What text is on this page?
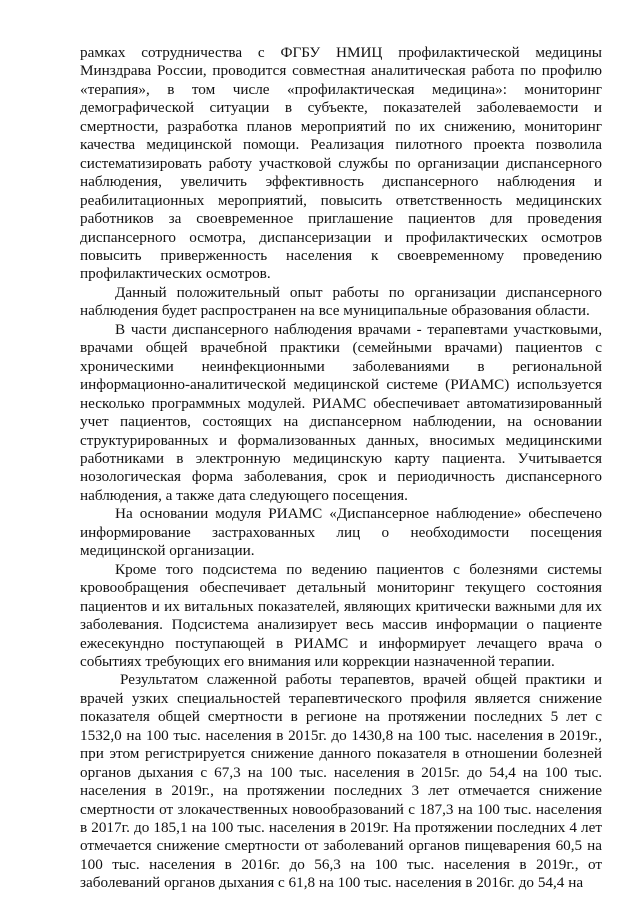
рамках сотрудничества с ФГБУ НМИЦ профилактической медицины Минздрава России, проводится совместная аналитическая работа по профилю «терапия», в том числе «профилактическая медицина»: мониторинг демографической ситуации в субъекте, показателей заболеваемости и смертности, разработка планов мероприятий по их снижению, мониторинг качества медицинской помощи. Реализация пилотного проекта позволила систематизировать работу участковой службы по организации диспансерного наблюдения, увеличить эффективность диспансерного наблюдения и реабилитационных мероприятий, повысить ответственность медицинских работников за своевременное приглашение пациентов для проведения диспансерного осмотра, диспансеризации и профилактических осмотров повысить приверженность населения к своевременному проведению профилактических осмотров.

Данный положительный опыт работы по организации диспансерного наблюдения будет распространен на все муниципальные образования области.

В части диспансерного наблюдения врачами - терапевтами участковыми, врачами общей врачебной практики (семейными врачами) пациентов с хроническими неинфекционными заболеваниями в региональной информационно-аналитической медицинской системе (РИАМС) используется несколько программных модулей. РИАМС обеспечивает автоматизированный учет пациентов, состоящих на диспансерном наблюдении, на основании структурированных и формализованных данных, вносимых медицинскими работниками в электронную медицинскую карту пациента. Учитывается нозологическая форма заболевания, срок и периодичность диспансерного наблюдения, а также дата следующего посещения.

На основании модуля РИАМС «Диспансерное наблюдение» обеспечено информирование застрахованных лиц о необходимости посещения медицинской организации.

Кроме того подсистема по ведению пациентов с болезнями системы кровообращения обеспечивает детальный мониторинг текущего состояния пациентов и их витальных показателей, являющих критически важными для их заболевания. Подсистема анализирует весь массив информации о пациенте ежесекундно поступающей в РИАМС и информирует лечащего врача о событиях требующих его внимания или коррекции назначенной терапии.

Результатом слаженной работы терапевтов, врачей общей практики и врачей узких специальностей терапевтического профиля является снижение показателя общей смертности в регионе на протяжении последних 5 лет с 1532,0 на 100 тыс. населения в 2015г. до 1430,8 на 100 тыс. населения в 2019г., при этом регистрируется снижение данного показателя в отношении болезней органов дыхания с 67,3 на 100 тыс. населения в 2015г. до 54,4 на 100 тыс. населения в 2019г., на протяжении последних 3 лет отмечается снижение смертности от злокачественных новообразований с 187,3 на 100 тыс. населения в 2017г. до 185,1 на 100 тыс. населения в 2019г. На протяжении последних 4 лет отмечается снижение смертности от заболеваний органов пищеварения 60,5 на 100 тыс. населения в 2016г. до 56,3 на 100 тыс. населения в 2019г., от заболеваний органов дыхания с 61,8 на 100 тыс. населения в 2016г. до 54,4 на
